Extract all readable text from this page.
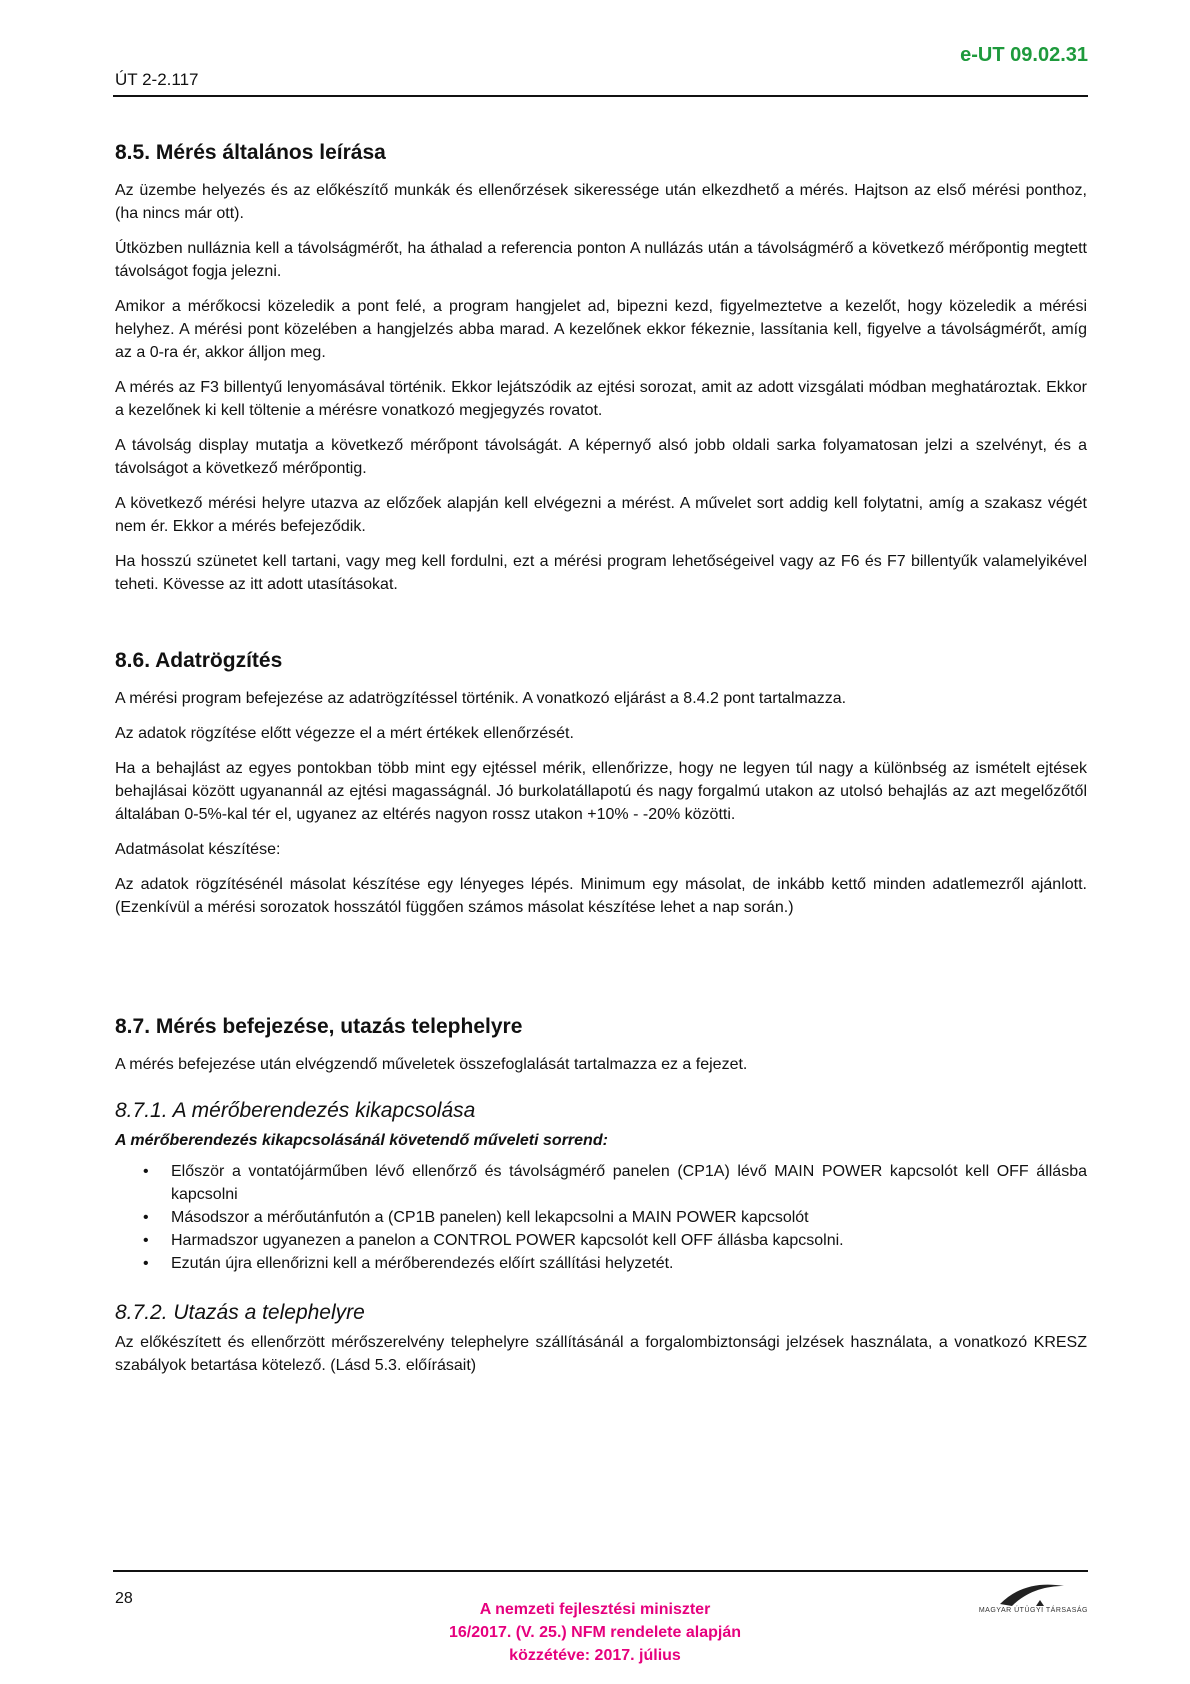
e-UT 09.02.31
ÚT 2-2.117
8.5. Mérés általános leírása

Az üzembe helyezés és az előkészítő munkák és ellenőrzések sikeressége után elkezdhető a mérés. Hajtson az első mérési ponthoz, (ha nincs már ott).

Útközben nulláznia kell a távolságmérőt, ha áthalad a referencia ponton A nullázás után a távolságmérő a következő mérőpontig megtett távolságot fogja jelezni.

Amikor a mérőkocsi közeledik a pont felé, a program hangjelet ad, bipezni kezd, figyelmeztetve a kezelőt, hogy közeledik a mérési helyhez. A mérési pont közelében a hangjelzés abba marad. A kezelőnek ekkor fékeznie, lassítania kell, figyelve a távolságmérőt, amíg az a 0-ra ér, akkor álljon meg.

A mérés az F3 billentyű lenyomásával történik. Ekkor lejátszódik az ejtési sorozat, amit az adott vizsgálati módban meghatároztak. Ekkor a kezelőnek ki kell töltenie a mérésre vonatkozó megjegyzés rovatot.

A távolság display mutatja a következő mérőpont távolságát. A képernyő alsó jobb oldali sarka folyamatosan jelzi a szelvényt, és a távolságot a következő mérőpontig.

A következő mérési helyre utazva az előzőek alapján kell elvégezni a mérést. A művelet sort addig kell folytatni, amíg a szakasz végét nem ér. Ekkor a mérés befejeződik.

Ha hosszú szünetet kell tartani, vagy meg kell fordulni, ezt a mérési program lehetőségeivel vagy az F6 és F7 billentyűk valamelyikével teheti. Kövesse az itt adott utasításokat.

8.6. Adatrögzítés

A mérési program befejezése az adatrögzítéssel történik. A vonatkozó eljárást a 8.4.2 pont tartalmazza.

Az adatok rögzítése előtt végezze el a mért értékek ellenőrzését.

Ha a behajlást az egyes pontokban több mint egy ejtéssel mérik, ellenőrizze, hogy ne legyen túl nagy a különbség az ismételt ejtések behajlásai között ugyanannál az ejtési magasságnál. Jó burkolatállapotú és nagy forgalmú utakon az utolsó behajlás az azt megelőzőtől általában 0-5%-kal tér el, ugyanez az eltérés nagyon rossz utakon +10% - -20% közötti.

Adatmásolat készítése:

Az adatok rögzítésénél másolat készítése egy lényeges lépés. Minimum egy másolat, de inkább kettő minden adatlemezről ajánlott. (Ezenkívül a mérési sorozatok hosszától függően számos másolat készítése lehet a nap során.)

8.7. Mérés befejezése, utazás telephelyre

A mérés befejezése után elvégzendő műveletek összefoglalását tartalmazza ez a fejezet.

8.7.1. A mérőberendezés kikapcsolása

A mérőberendezés kikapcsolásánál követendő műveleti sorrend:

• Először a vontatójárműben lévő ellenőrző és távolságmérő panelen (CP1A) lévő MAIN POWER kapcsolót kell OFF állásba kapcsolni
• Másodszor a mérőutánfutón a (CP1B panelen) kell lekapcsolni a MAIN POWER kapcsolót
• Harmadszor ugyanezen a panelon a CONTROL POWER kapcsolót kell OFF állásba kapcsolni.
• Ezután újra ellenőrizni kell a mérőberendezés előírt szállítási helyzetét.
8.7.2. Utazás a telephelyre

Az előkészített és ellenőrzött mérőszerelvény telephelyre szállításánál a forgalombiztonsági jelzések használata, a vonatkozó KRESZ szabályok betartása kötelező. (Lásd 5.3. előírásait)

28
A nemzeti fejlesztési miniszter
16/2017. (V. 25.) NFM rendelete alapján
közzétéve: 2017. július
MAGYAR ÚTÜGYI TÁRSASÁG
